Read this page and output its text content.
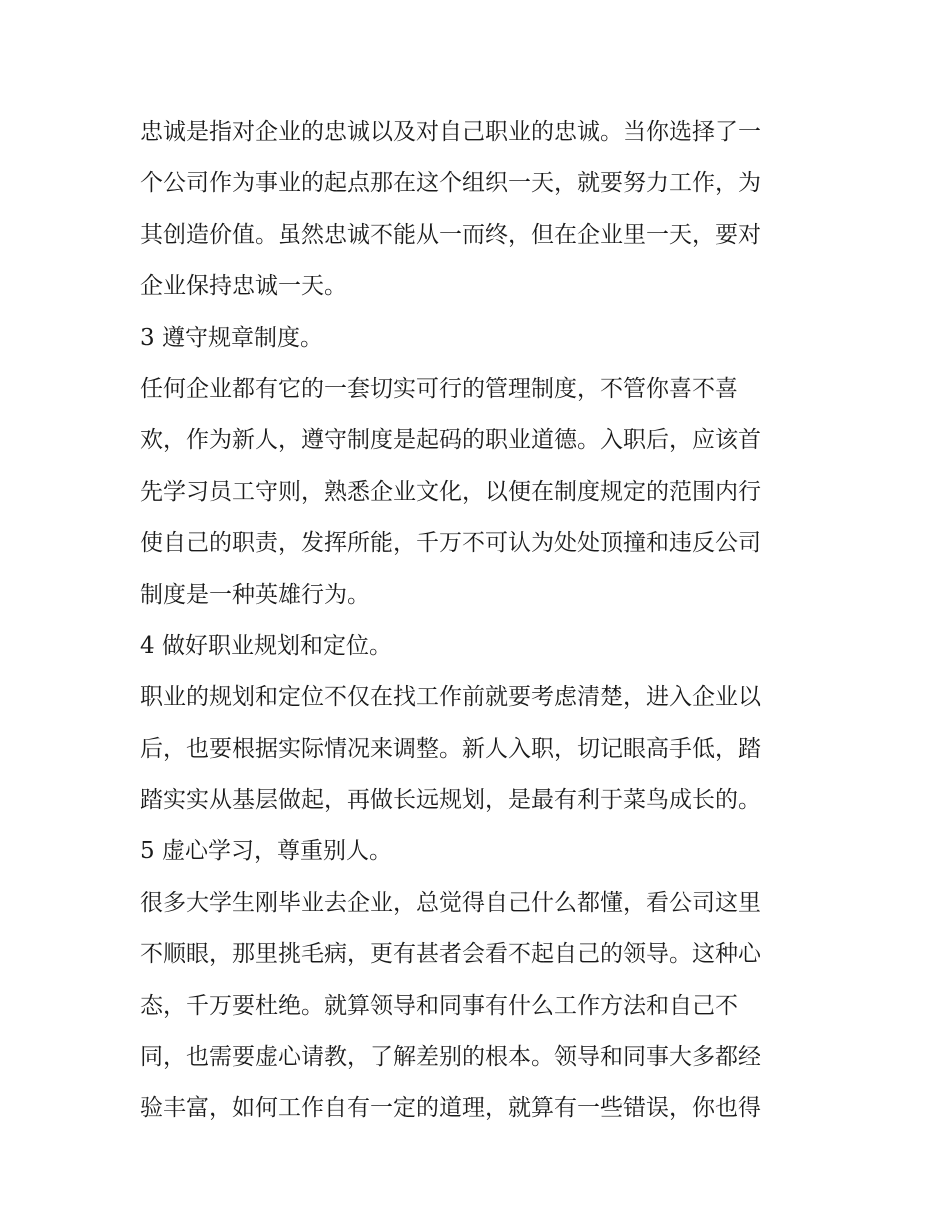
忠诚是指对企业的忠诚以及对自己职业的忠诚。当你选择了一
个公司作为事业的起点那在这个组织一天，就要努力工作，为
其创造价值。虽然忠诚不能从一而终，但在企业里一天，要对
企业保持忠诚一天。
3 遵守规章制度。
任何企业都有它的一套切实可行的管理制度，不管你喜不喜
欢，作为新人，遵守制度是起码的职业道德。入职后，应该首
先学习员工守则，熟悉企业文化，以便在制度规定的范围内行
使自己的职责，发挥所能，千万不可认为处处顶撞和违反公司
制度是一种英雄行为。
4 做好职业规划和定位。
职业的规划和定位不仅在找工作前就要考虑清楚，进入企业以
后，也要根据实际情况来调整。新人入职，切记眼高手低，踏
踏实实从基层做起，再做长远规划，是最有利于菜鸟成长的。
5 虚心学习，尊重别人。
很多大学生刚毕业去企业，总觉得自己什么都懂，看公司这里
不顺眼，那里挑毛病，更有甚者会看不起自己的领导。这种心
态，千万要杜绝。就算领导和同事有什么工作方法和自己不
同，也需要虚心请教，了解差别的根本。领导和同事大多都经
验丰富，如何工作自有一定的道理，就算有一些错误，你也得
